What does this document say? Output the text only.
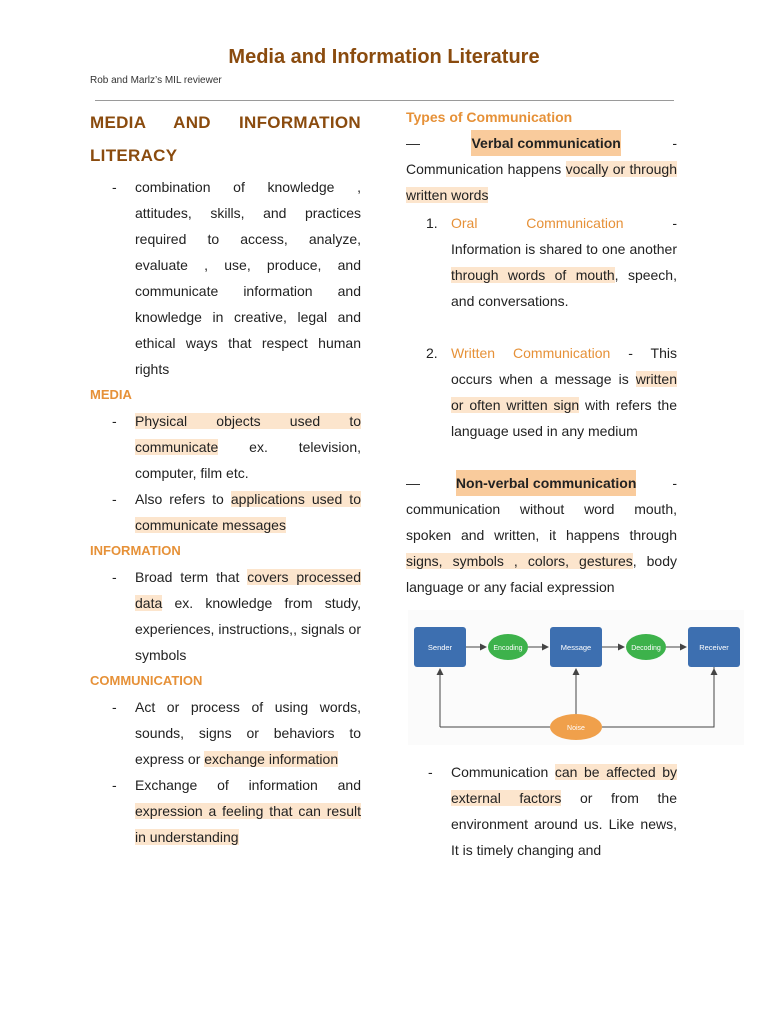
Media and Information Literature
Rob and Marlz’s MIL reviewer
MEDIA AND INFORMATION
LITERACY
- combination of knowledge , attitudes, skills, and practices required to access, analyze, evaluate , use, produce, and communicate information and knowledge in creative, legal and ethical ways that respect human rights
MEDIA
- Physical objects used to communicate ex. television, computer, film etc.
- Also refers to applications used to communicate messages
INFORMATION
- Broad term that covers processed data ex. knowledge from study, experiences, instructions,, signals or symbols
COMMUNICATION
- Act or process of using words, sounds, signs or behaviors to express or exchange information
- Exchange of information and expression a feeling that can result in understanding
Types of Communication
—	Verbal communication	-
Communication happens vocally or through written words
1. Oral	Communication	-
Information is shared to one another through words of mouth, speech, and conversations.
2. Written Communication - This occurs when a message is written or often written sign with refers the language used in any medium
—	Non-verbal communication	-
communication without word mouth, spoken and written, it happens through signs, symbols , colors, gestures, body language or any facial expression
Sender	Encoding	Message	Decoding	Receiver
Noise
- Communication can be affected by external factors or from the environment around us. Like news, It is timely changing and
